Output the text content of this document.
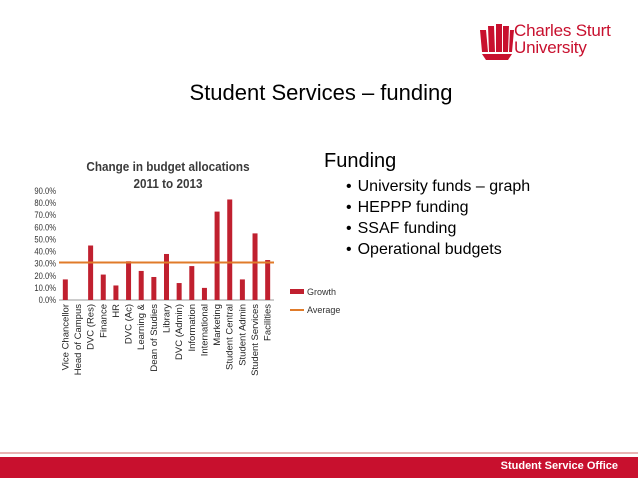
Charles Sturt
University
Student Services – funding
Change in budget allocations
2011 to 2013
90.0%
80.0%
70.0%
60.0%
50.0%
40.0%
30.0%
20.0%
10.0%
0.0%
Vice Chancellor Head of Campus DVC (Res) Finance HR DVC (Ac) Learning & Dean of Studies Library DVC (Admin) Information International Marketing Student Central Student Admin Student Services Facilities
Growth
Average
Funding
• University funds – graph
• HEPPP funding
• SSAF funding
• Operational budgets
Student Service Office
